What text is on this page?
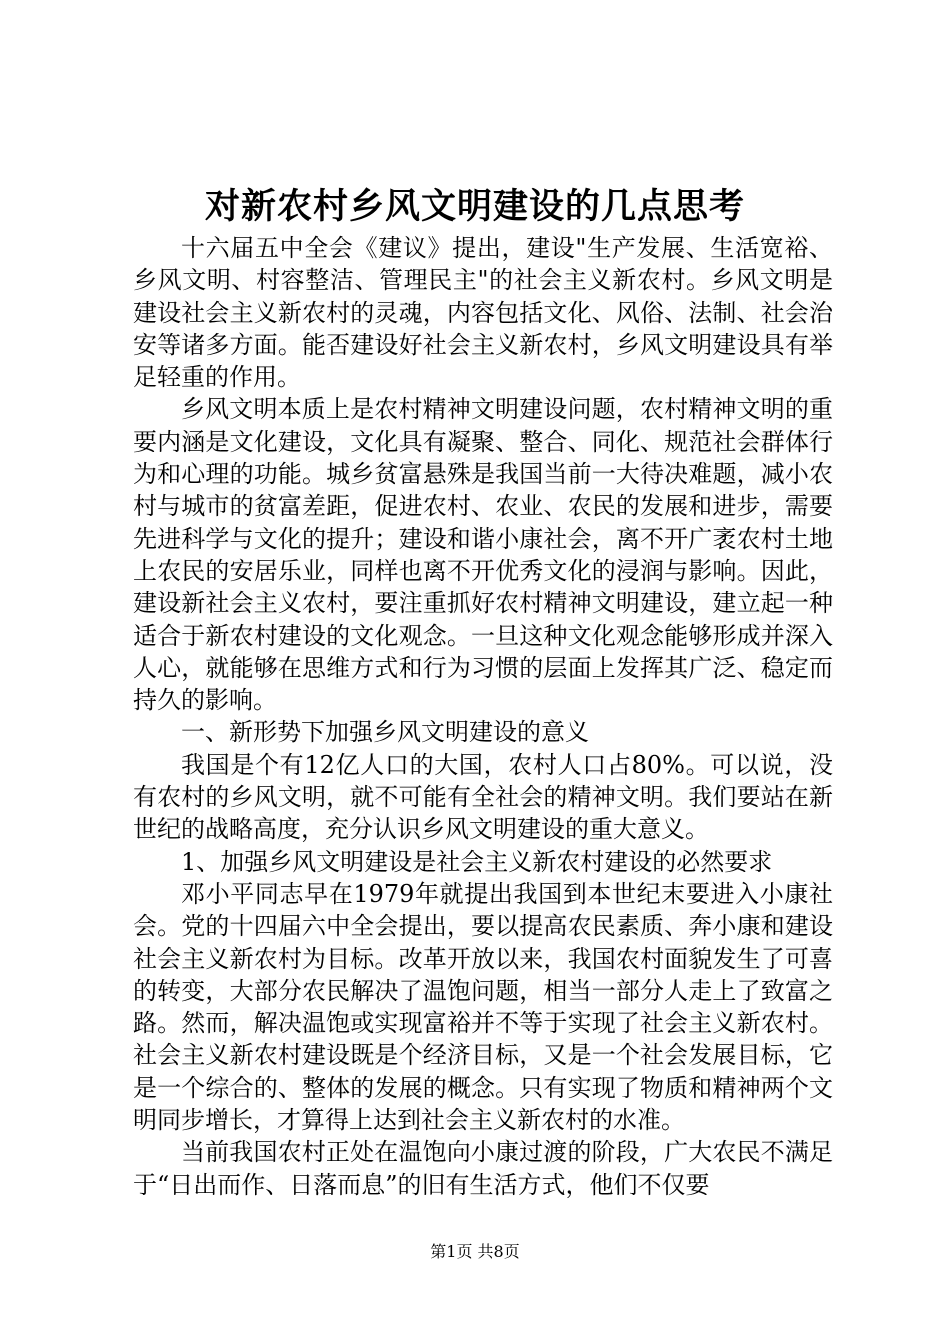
对新农村乡风文明建设的几点思考

十六届五中全会《建议》提出，建设"生产发展、生活宽裕、乡风文明、村容整洁、管理民主"的社会主义新农村。乡风文明是建设社会主义新农村的灵魂，内容包括文化、风俗、法制、社会治安等诸多方面。能否建设好社会主义新农村，乡风文明建设具有举足轻重的作用。

乡风文明本质上是农村精神文明建设问题，农村精神文明的重要内涵是文化建设，文化具有凝聚、整合、同化、规范社会群体行为和心理的功能。城乡贫富悬殊是我国当前一大待决难题，减小农村与城市的贫富差距，促进农村、农业、农民的发展和进步，需要先进科学与文化的提升；建设和谐小康社会，离不开广袤农村土地上农民的安居乐业，同样也离不开优秀文化的浸润与影响。因此，建设新社会主义农村，要注重抓好农村精神文明建设，建立起一种适合于新农村建设的文化观念。一旦这种文化观念能够形成并深入人心，就能够在思维方式和行为习惯的层面上发挥其广泛、稳定而持久的影响。

一、新形势下加强乡风文明建设的意义

我国是个有12亿人口的大国，农村人口占80%。可以说，没有农村的乡风文明，就不可能有全社会的精神文明。我们要站在新世纪的战略高度，充分认识乡风文明建设的重大意义。

1、加强乡风文明建设是社会主义新农村建设的必然要求

邓小平同志早在1979年就提出我国到本世纪末要进入小康社会。党的十四届六中全会提出，要以提高农民素质、奔小康和建设社会主义新农村为目标。改革开放以来，我国农村面貌发生了可喜的转变，大部分农民解决了温饱问题，相当一部分人走上了致富之路。然而，解决温饱或实现富裕并不等于实现了社会主义新农村。社会主义新农村建设既是个经济目标，又是一个社会发展目标，它是一个综合的、整体的发展的概念。只有实现了物质和精神两个文明同步增长，才算得上达到社会主义新农村的水准。

当前我国农村正处在温饱向小康过渡的阶段，广大农民不满足于“日出而作、日落而息”的旧有生活方式，他们不仅要

第1页 共8页
